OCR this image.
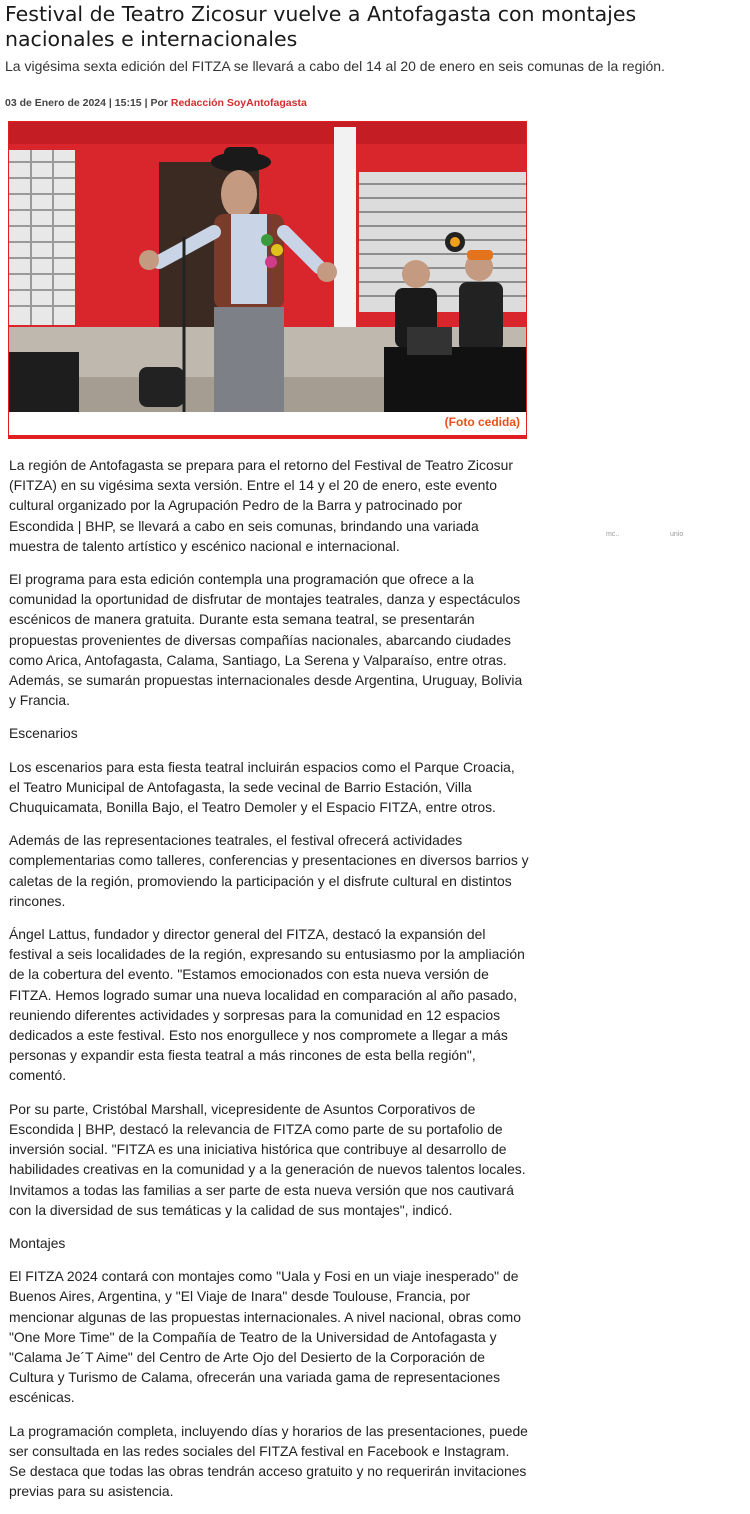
Festival de Teatro Zicosur vuelve a Antofagasta con montajes nacionales e internacionales

La vigésima sexta edición del FITZA se llevará a cabo del 14 al 20 de enero en seis comunas de la región.

03 de Enero de 2024 | 15:15 | Por Redacción SoyAntofagasta
(Foto cedida)
mc..	unio

La región de Antofagasta se prepara para el retorno del Festival de Teatro Zicosur (FITZA) en su vigésima sexta versión. Entre el 14 y el 20 de enero, este evento cultural organizado por la Agrupación Pedro de la Barra y patrocinado por Escondida | BHP, se llevará a cabo en seis comunas, brindando una variada muestra de talento artístico y escénico nacional e internacional.

El programa para esta edición contempla una programación que ofrece a la comunidad la oportunidad de disfrutar de montajes teatrales, danza y espectáculos escénicos de manera gratuita. Durante esta semana teatral, se presentarán propuestas provenientes de diversas compañías nacionales, abarcando ciudades como Arica, Antofagasta, Calama, Santiago, La Serena y Valparaíso, entre otras. Además, se sumarán propuestas internacionales desde Argentina, Uruguay, Bolivia y Francia.

Escenarios

Los escenarios para esta fiesta teatral incluirán espacios como el Parque Croacia, el Teatro Municipal de Antofagasta, la sede vecinal de Barrio Estación, Villa Chuquicamata, Bonilla Bajo, el Teatro Demoler y el Espacio FITZA, entre otros.

Además de las representaciones teatrales, el festival ofrecerá actividades complementarias como talleres, conferencias y presentaciones en diversos barrios y caletas de la región, promoviendo la participación y el disfrute cultural en distintos rincones.

Ángel Lattus, fundador y director general del FITZA, destacó la expansión del festival a seis localidades de la región, expresando su entusiasmo por la ampliación de la cobertura del evento. "Estamos emocionados con esta nueva versión de FITZA. Hemos logrado sumar una nueva localidad en comparación al año pasado, reuniendo diferentes actividades y sorpresas para la comunidad en 12 espacios dedicados a este festival. Esto nos enorgullece y nos compromete a llegar a más personas y expandir esta fiesta teatral a más rincones de esta bella región", comentó.

Por su parte, Cristóbal Marshall, vicepresidente de Asuntos Corporativos de Escondida | BHP, destacó la relevancia de FITZA como parte de su portafolio de inversión social. "FITZA es una iniciativa histórica que contribuye al desarrollo de habilidades creativas en la comunidad y a la generación de nuevos talentos locales. Invitamos a todas las familias a ser parte de esta nueva versión que nos cautivará con la diversidad de sus temáticas y la calidad de sus montajes", indicó.

Montajes

El FITZA 2024 contará con montajes como "Uala y Fosi en un viaje inesperado" de Buenos Aires, Argentina, y "El Viaje de Inara" desde Toulouse, Francia, por mencionar algunas de las propuestas internacionales. A nivel nacional, obras como "One More Time" de la Compañía de Teatro de la Universidad de Antofagasta y "Calama Je´T Aime" del Centro de Arte Ojo del Desierto de la Corporación de Cultura y Turismo de Calama, ofrecerán una variada gama de representaciones escénicas.

La programación completa, incluyendo días y horarios de las presentaciones, puede ser consultada en las redes sociales del FITZA festival en Facebook e Instagram. Se destaca que todas las obras tendrán acceso gratuito y no requerirán invitaciones previas para su asistencia.
